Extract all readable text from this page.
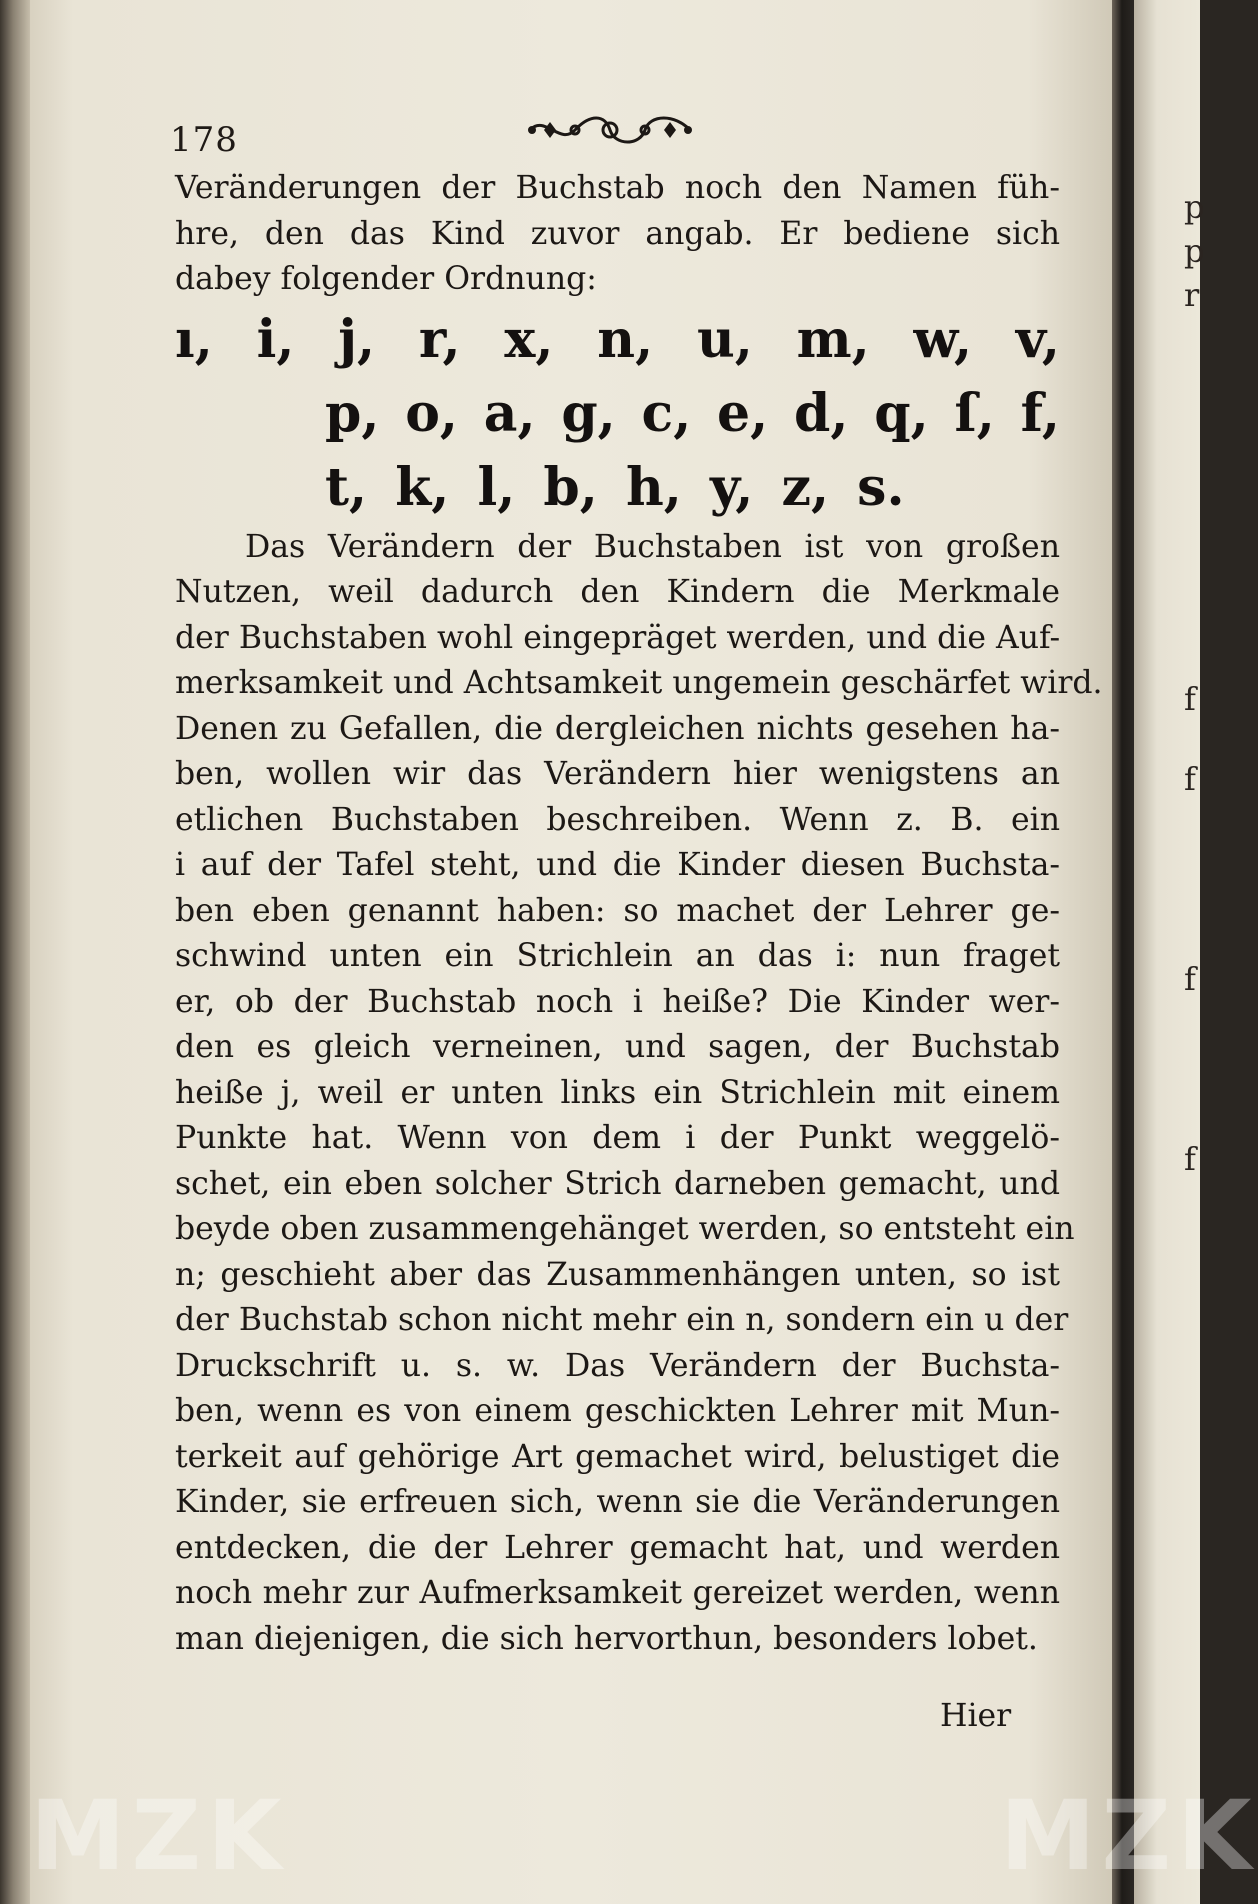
p
p
r
f
f
f
f
178
Veränderungen der Buchstab noch den Namen füh-
hre, den das Kind zuvor angab. Er bediene sich
dabey folgender Ordnung:
ı, i, j, r, x, n, u, m, w, v,
p, o, a, g, c, e, d, q, ſ, f,
t, k, l, b, h, y, z, s.
Das Verändern der Buchstaben ist von großen
Nutzen, weil dadurch den Kindern die Merkmale
der Buchstaben wohl eingepräget werden, und die Auf-
merksamkeit und Achtsamkeit ungemein geschärfet wird.
Denen zu Gefallen, die dergleichen nichts gesehen ha-
ben, wollen wir das Verändern hier wenigstens an
etlichen Buchstaben beschreiben. Wenn z. B. ein
i auf der Tafel steht, und die Kinder diesen Buchsta-
ben eben genannt haben: so machet der Lehrer ge-
schwind unten ein Strichlein an das i: nun fraget
er, ob der Buchstab noch i heiße? Die Kinder wer-
den es gleich verneinen, und sagen, der Buchstab
heiße j, weil er unten links ein Strichlein mit einem
Punkte hat. Wenn von dem i der Punkt weggelö-
schet, ein eben solcher Strich darneben gemacht, und
beyde oben zusammengehänget werden, so entsteht ein
n; geschieht aber das Zusammenhängen unten, so ist
der Buchstab schon nicht mehr ein n, sondern ein u der
Druckschrift u. s. w. Das Verändern der Buchsta-
ben, wenn es von einem geschickten Lehrer mit Mun-
terkeit auf gehörige Art gemachet wird, belustiget die
Kinder, sie erfreuen sich, wenn sie die Veränderungen
entdecken, die der Lehrer gemacht hat, und werden
noch mehr zur Aufmerksamkeit gereizet werden, wenn
man diejenigen, die sich hervorthun, besonders lobet.
Hier
MZK	MZK
